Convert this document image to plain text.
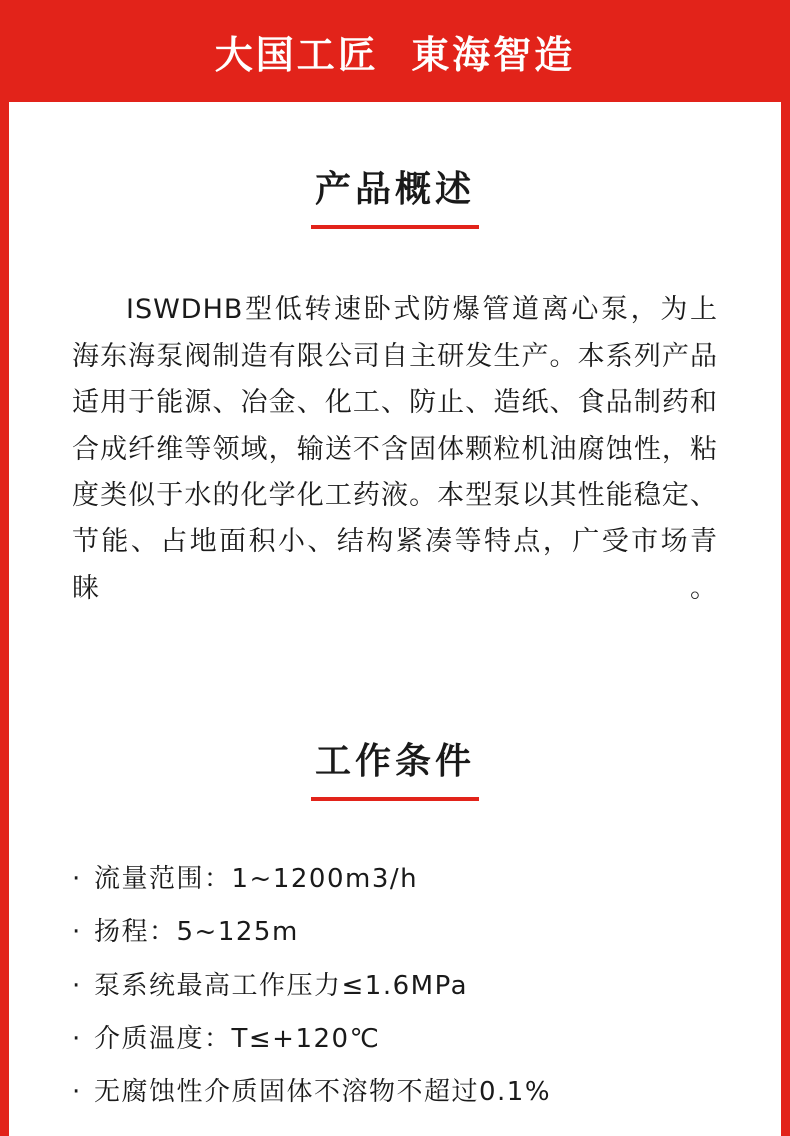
大国工匠  東海智造
产品概述
ISWDHB型低转速卧式防爆管道离心泵，为上海东海泵阀制造有限公司自主研发生产。本系列产品适用于能源、冶金、化工、防止、造纸、食品制药和合成纤维等领域，输送不含固体颗粒机油腐蚀性，粘度类似于水的化学化工药液。本型泵以其性能稳定、节能、占地面积小、结构紧凑等特点，广受市场青睐。
工作条件
· 流量范围：1~1200m3/h
· 扬程：5~125m
· 泵系统最高工作压力≤1.6MPa
· 介质温度：T≤+120℃
· 无腐蚀性介质固体不溶物不超过0.1%
